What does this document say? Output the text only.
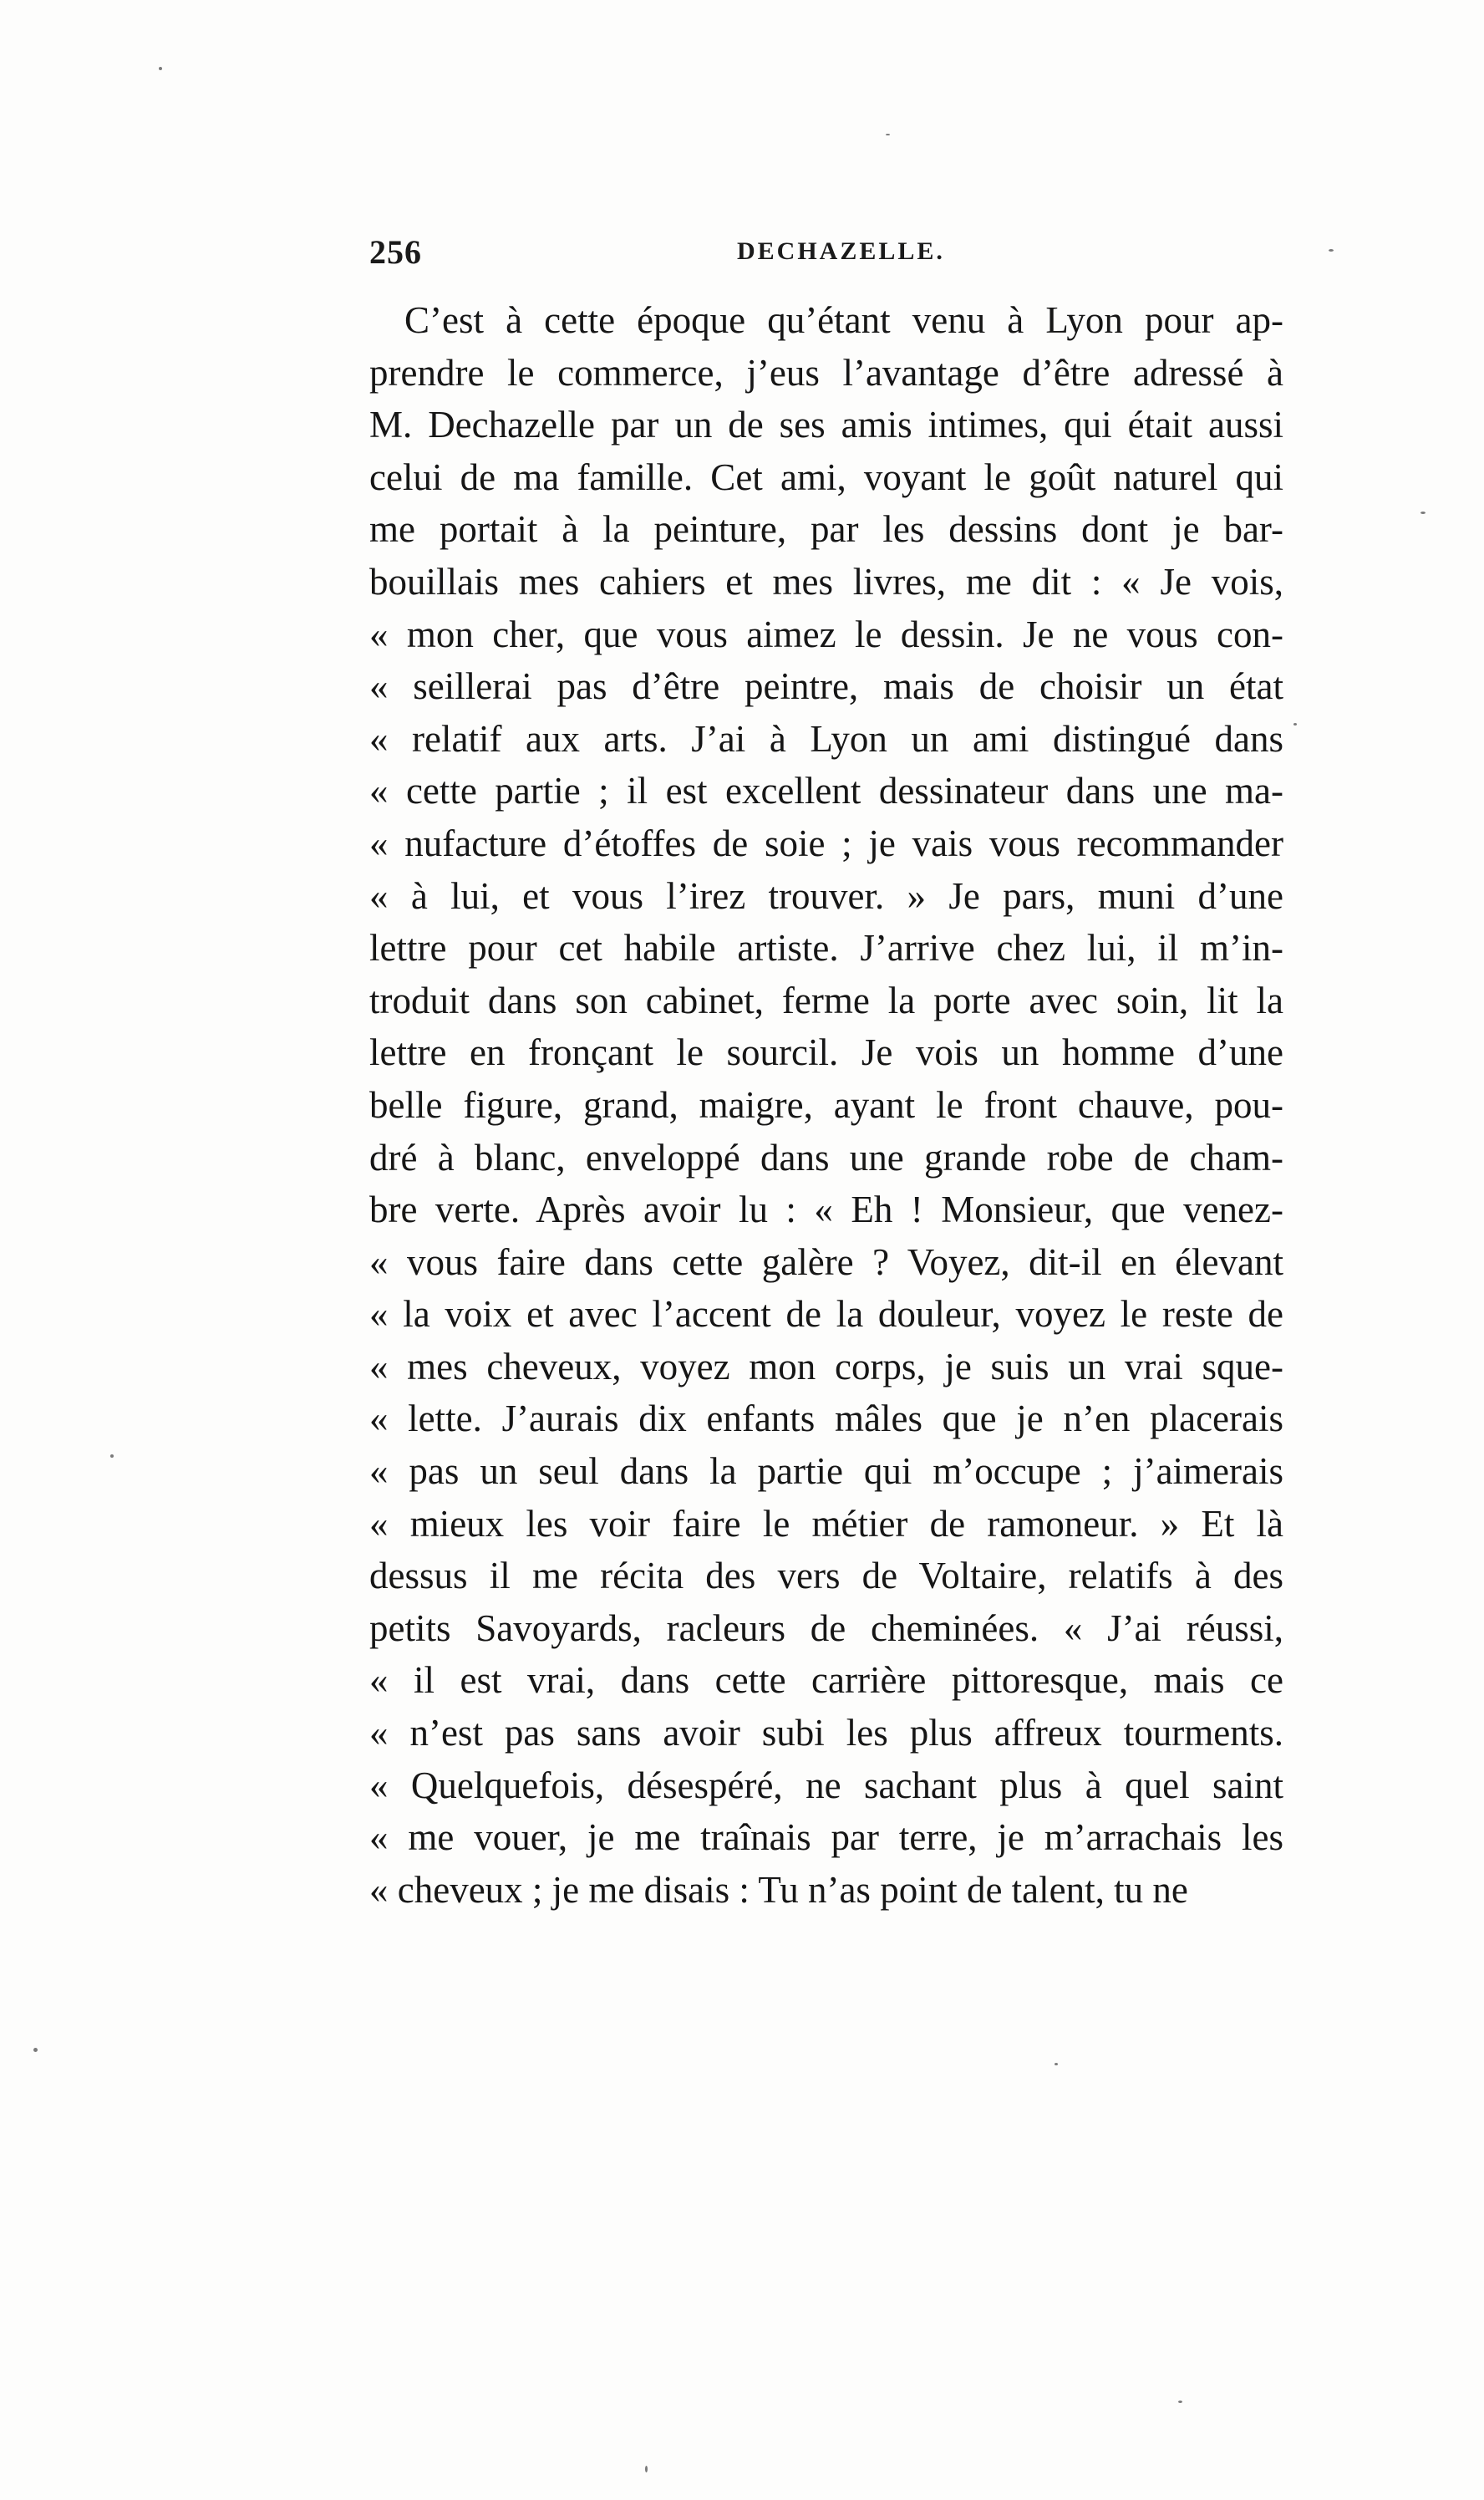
256	DECHAZELLE.
C’est à cette époque qu’étant venu à Lyon pour ap-
prendre le commerce, j’eus l’avantage d’être adressé à
M. Dechazelle par un de ses amis intimes, qui était aussi
celui de ma famille. Cet ami, voyant le goût naturel qui
me portait à la peinture, par les dessins dont je bar-
bouillais mes cahiers et mes livres, me dit : « Je vois,
« mon cher, que vous aimez le dessin. Je ne vous con-
« seillerai pas d’être peintre, mais de choisir un état
« relatif aux arts. J’ai à Lyon un ami distingué dans
« cette partie ; il est excellent dessinateur dans une ma-
« nufacture d’étoffes de soie ; je vais vous recommander
« à lui, et vous l’irez trouver. » Je pars, muni d’une
lettre pour cet habile artiste. J’arrive chez lui, il m’in-
troduit dans son cabinet, ferme la porte avec soin, lit la
lettre en fronçant le sourcil. Je vois un homme d’une
belle figure, grand, maigre, ayant le front chauve, pou-
dré à blanc, enveloppé dans une grande robe de cham-
bre verte. Après avoir lu : « Eh ! Monsieur, que venez-
« vous faire dans cette galère ? Voyez, dit-il en élevant
« la voix et avec l’accent de la douleur, voyez le reste de
« mes cheveux, voyez mon corps, je suis un vrai sque-
« lette. J’aurais dix enfants mâles que je n’en placerais
« pas un seul dans la partie qui m’occupe ; j’aimerais
« mieux les voir faire le métier de ramoneur. » Et là
dessus il me récita des vers de Voltaire, relatifs à des
petits Savoyards, racleurs de cheminées. « J’ai réussi,
« il est vrai, dans cette carrière pittoresque, mais ce
« n’est pas sans avoir subi les plus affreux tourments.
« Quelquefois, désespéré, ne sachant plus à quel saint
« me vouer, je me traînais par terre, je m’arrachais les
« cheveux ; je me disais : Tu n’as point de talent, tu ne
